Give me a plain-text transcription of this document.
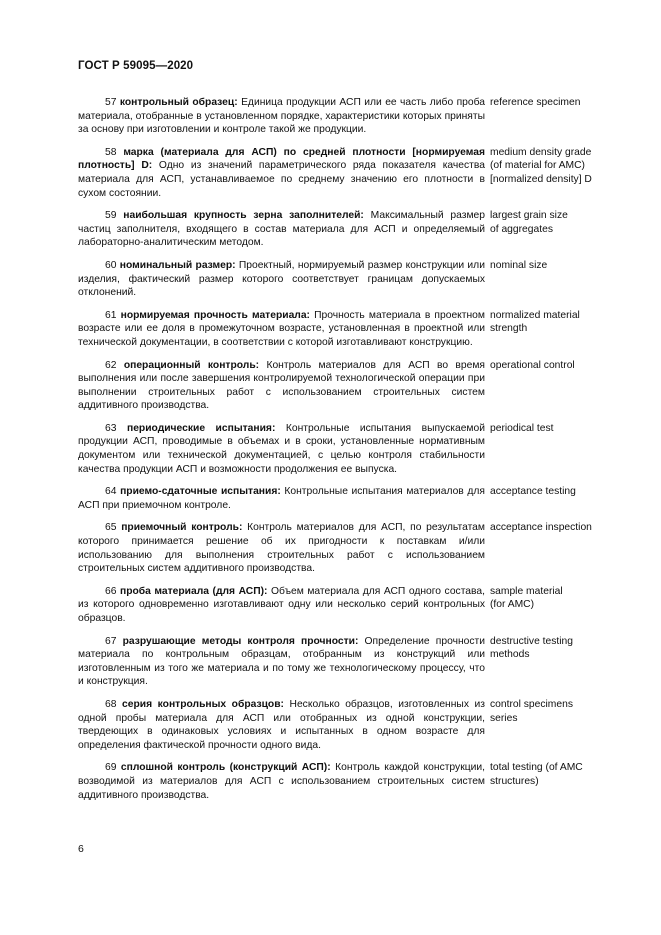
ГОСТ Р 59095—2020
57 контрольный образец: Единица продукции АСП или ее часть либо проба материала, отобранные в установленном порядке, характеристики которых приняты за основу при изготовлении и контроле такой же продукции.
reference specimen
58 марка (материала для АСП) по средней плотности [нормируемая плотность] D: Одно из значений параметрического ряда показателя качества материала для АСП, устанавливаемое по среднему значению его плотности в сухом состоянии.
medium density grade
(of material for AMC)
[normalized density] D
59 наибольшая крупность зерна заполнителей: Максимальный размер частиц заполнителя, входящего в состав материала для АСП и определяемый лабораторно-аналитическим методом.
largest grain size
of aggregates
60 номинальный размер: Проектный, нормируемый размер конструкции или изделия, фактический размер которого соответствует границам допускаемых отклонений.
nominal size
61 нормируемая прочность материала: Прочность материала в проектном возрасте или ее доля в промежуточном возрасте, установленная в проектной или технической документации, в соответствии с которой изготавливают конструкцию.
normalized material
strength
62 операционный контроль: Контроль материалов для АСП во время выполнения или после завершения контролируемой технологической операции при выполнении строительных работ с использованием строительных систем аддитивного производства.
operational control
63 периодические испытания: Контрольные испытания выпускаемой продукции АСП, проводимые в объемах и в сроки, установленные нормативным документом или технической документацией, с целью контроля стабильности качества продукции АСП и возможности продолжения ее выпуска.
periodical test
64 приемо-сдаточные испытания: Контрольные испытания материалов для АСП при приемочном контроле.
acceptance testing
65 приемочный контроль: Контроль материалов для АСП, по результатам которого принимается решение об их пригодности к поставкам и/или использованию для выполнения строительных работ с использованием строительных систем аддитивного производства.
acceptance inspection
66 проба материала (для АСП): Объем материала для АСП одного состава, из которого одновременно изготавливают одну или несколько серий контрольных образцов.
sample material
(for AMC)
67 разрушающие методы контроля прочности: Определение прочности материала по контрольным образцам, отобранным из конструкций или изготовленным из того же материала и по тому же технологическому процессу, что и конструкция.
destructive testing
methods
68 серия контрольных образцов: Несколько образцов, изготовленных из одной пробы материала для АСП или отобранных из одной конструкции, твердеющих в одинаковых условиях и испытанных в одном возрасте для определения фактической прочности одного вида.
control specimens
series
69 сплошной контроль (конструкций АСП): Контроль каждой конструкции, возводимой из материалов для АСП с использованием строительных систем аддитивного производства.
total testing (of AMC
structures)
6
